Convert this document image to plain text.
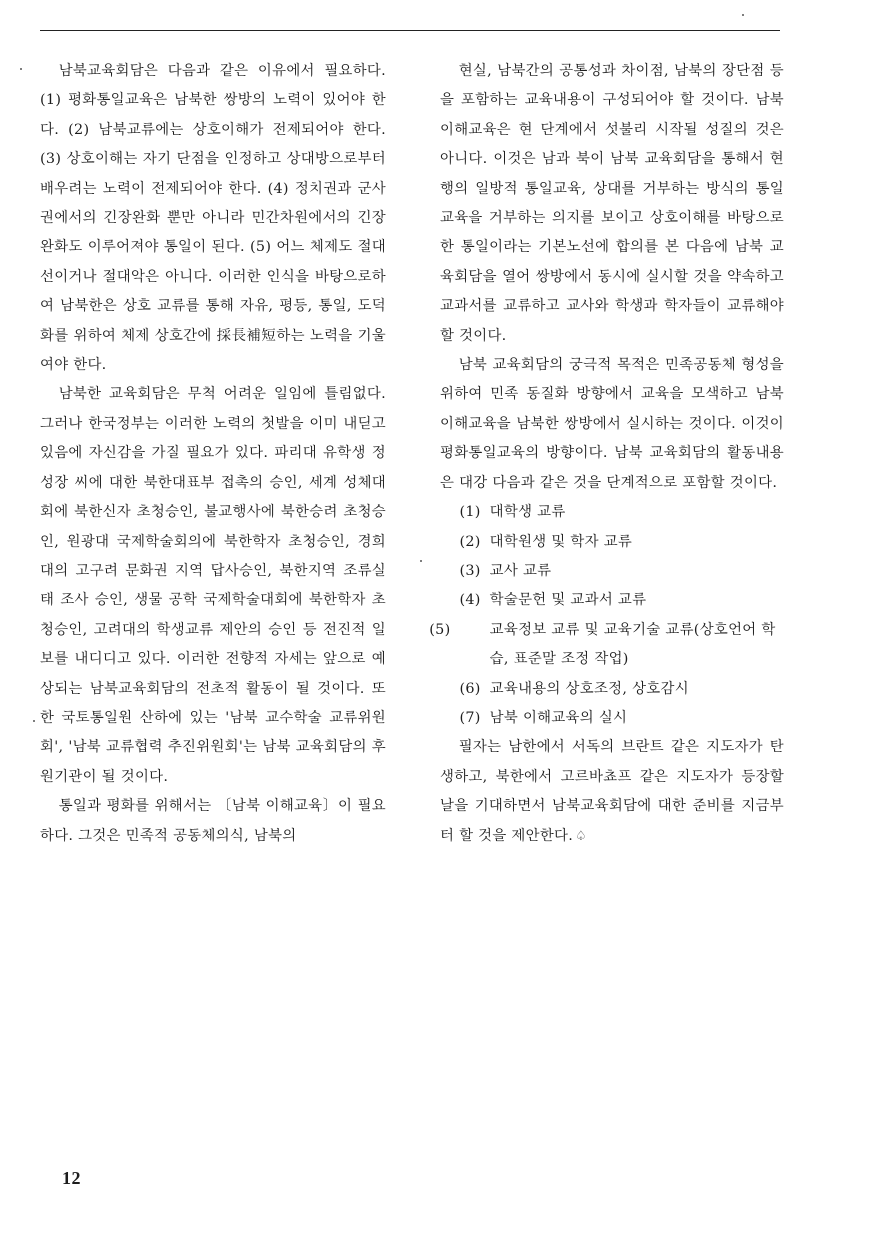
남북교육회담은 다음과 같은 이유에서 필요하다. (1) 평화통일교육은 남북한 쌍방의 노력이 있어야 한다. (2) 남북교류에는 상호이해가 전제되어야 한다. (3) 상호이해는 자기 단점을 인정하고 상대방으로부터 배우려는 노력이 전제되어야 한다. (4) 정치권과 군사권에서의 긴장완화 뿐만 아니라 민간차원에서의 긴장완화도 이루어져야 통일이 된다. (5) 어느 체제도 절대선이거나 절대악은 아니다. 이러한 인식을 바탕으로하여 남북한은 상호 교류를 통해 자유, 평등, 통일, 도덕화를 위하여 체제 상호간에 採長補短하는 노력을 기울여야 한다.

남북한 교육회담은 무척 어려운 일임에 틀림없다. 그러나 한국정부는 이러한 노력의 첫발을 이미 내딛고 있음에 자신감을 가질 필요가 있다. 파리대 유학생 정성장 씨에 대한 북한대표부 접촉의 승인, 세계 성체대회에 북한신자 초청승인, 불교행사에 북한승려 초청승인, 원광대 국제학술회의에 북한학자 초청승인, 경희대의 고구려 문화권 지역 답사승인, 북한지역 조류실태 조사 승인, 생물 공학 국제학술대회에 북한학자 초청승인, 고려대의 학생교류 제안의 승인 등 전진적 일보를 내디디고 있다. 이러한 전향적 자세는 앞으로 예상되는 남북교육회담의 전초적 활동이 될 것이다. 또한 국토통일원 산하에 있는 '남북 교수학술 교류위원회', '남북 교류협력 추진위원회'는 남북 교육회담의 후원기관이 될 것이다.

통일과 평화를 위해서는 〔남북 이해교육〕이 필요하다. 그것은 민족적 공동체의식, 남북의

현실, 남북간의 공통성과 차이점, 남북의 장단점 등을 포함하는 교육내용이 구성되어야 할 것이다. 남북 이해교육은 현 단계에서 섯불리 시작될 성질의 것은 아니다. 이것은 남과 북이 남북 교육회담을 통해서 현행의 일방적 통일교육, 상대를 거부하는 방식의 통일교육을 거부하는 의지를 보이고 상호이해를 바탕으로 한 통일이라는 기본노선에 합의를 본 다음에 남북 교육회담을 열어 쌍방에서 동시에 실시할 것을 약속하고 교과서를 교류하고 교사와 학생과 학자들이 교류해야 할 것이다.

남북 교육회담의 궁극적 목적은 민족공동체 형성을 위하여 민족 동질화 방향에서 교육을 모색하고 남북 이해교육을 남북한 쌍방에서 실시하는 것이다. 이것이 평화통일교육의 방향이다. 남북 교육회담의 활동내용은 대강 다음과 같은 것을 단계적으로 포함할 것이다.

(1) 대학생 교류
(2) 대학원생 및 학자 교류
(3) 교사 교류
(4) 학술문헌 및 교과서 교류
(5)	교육정보 교류 및 교육기술 교류(상호언어 학습, 표준말 조정 작업)
(6) 교육내용의 상호조정, 상호감시
(7) 남북 이해교육의 실시

필자는 남한에서 서독의 브란트 같은 지도자가 탄생하고, 북한에서 고르바쵸프 같은 지도자가 등장할 날을 기대하면서 남북교육회담에 대한 준비를 지금부터 할 것을 제안한다. ♤

12
